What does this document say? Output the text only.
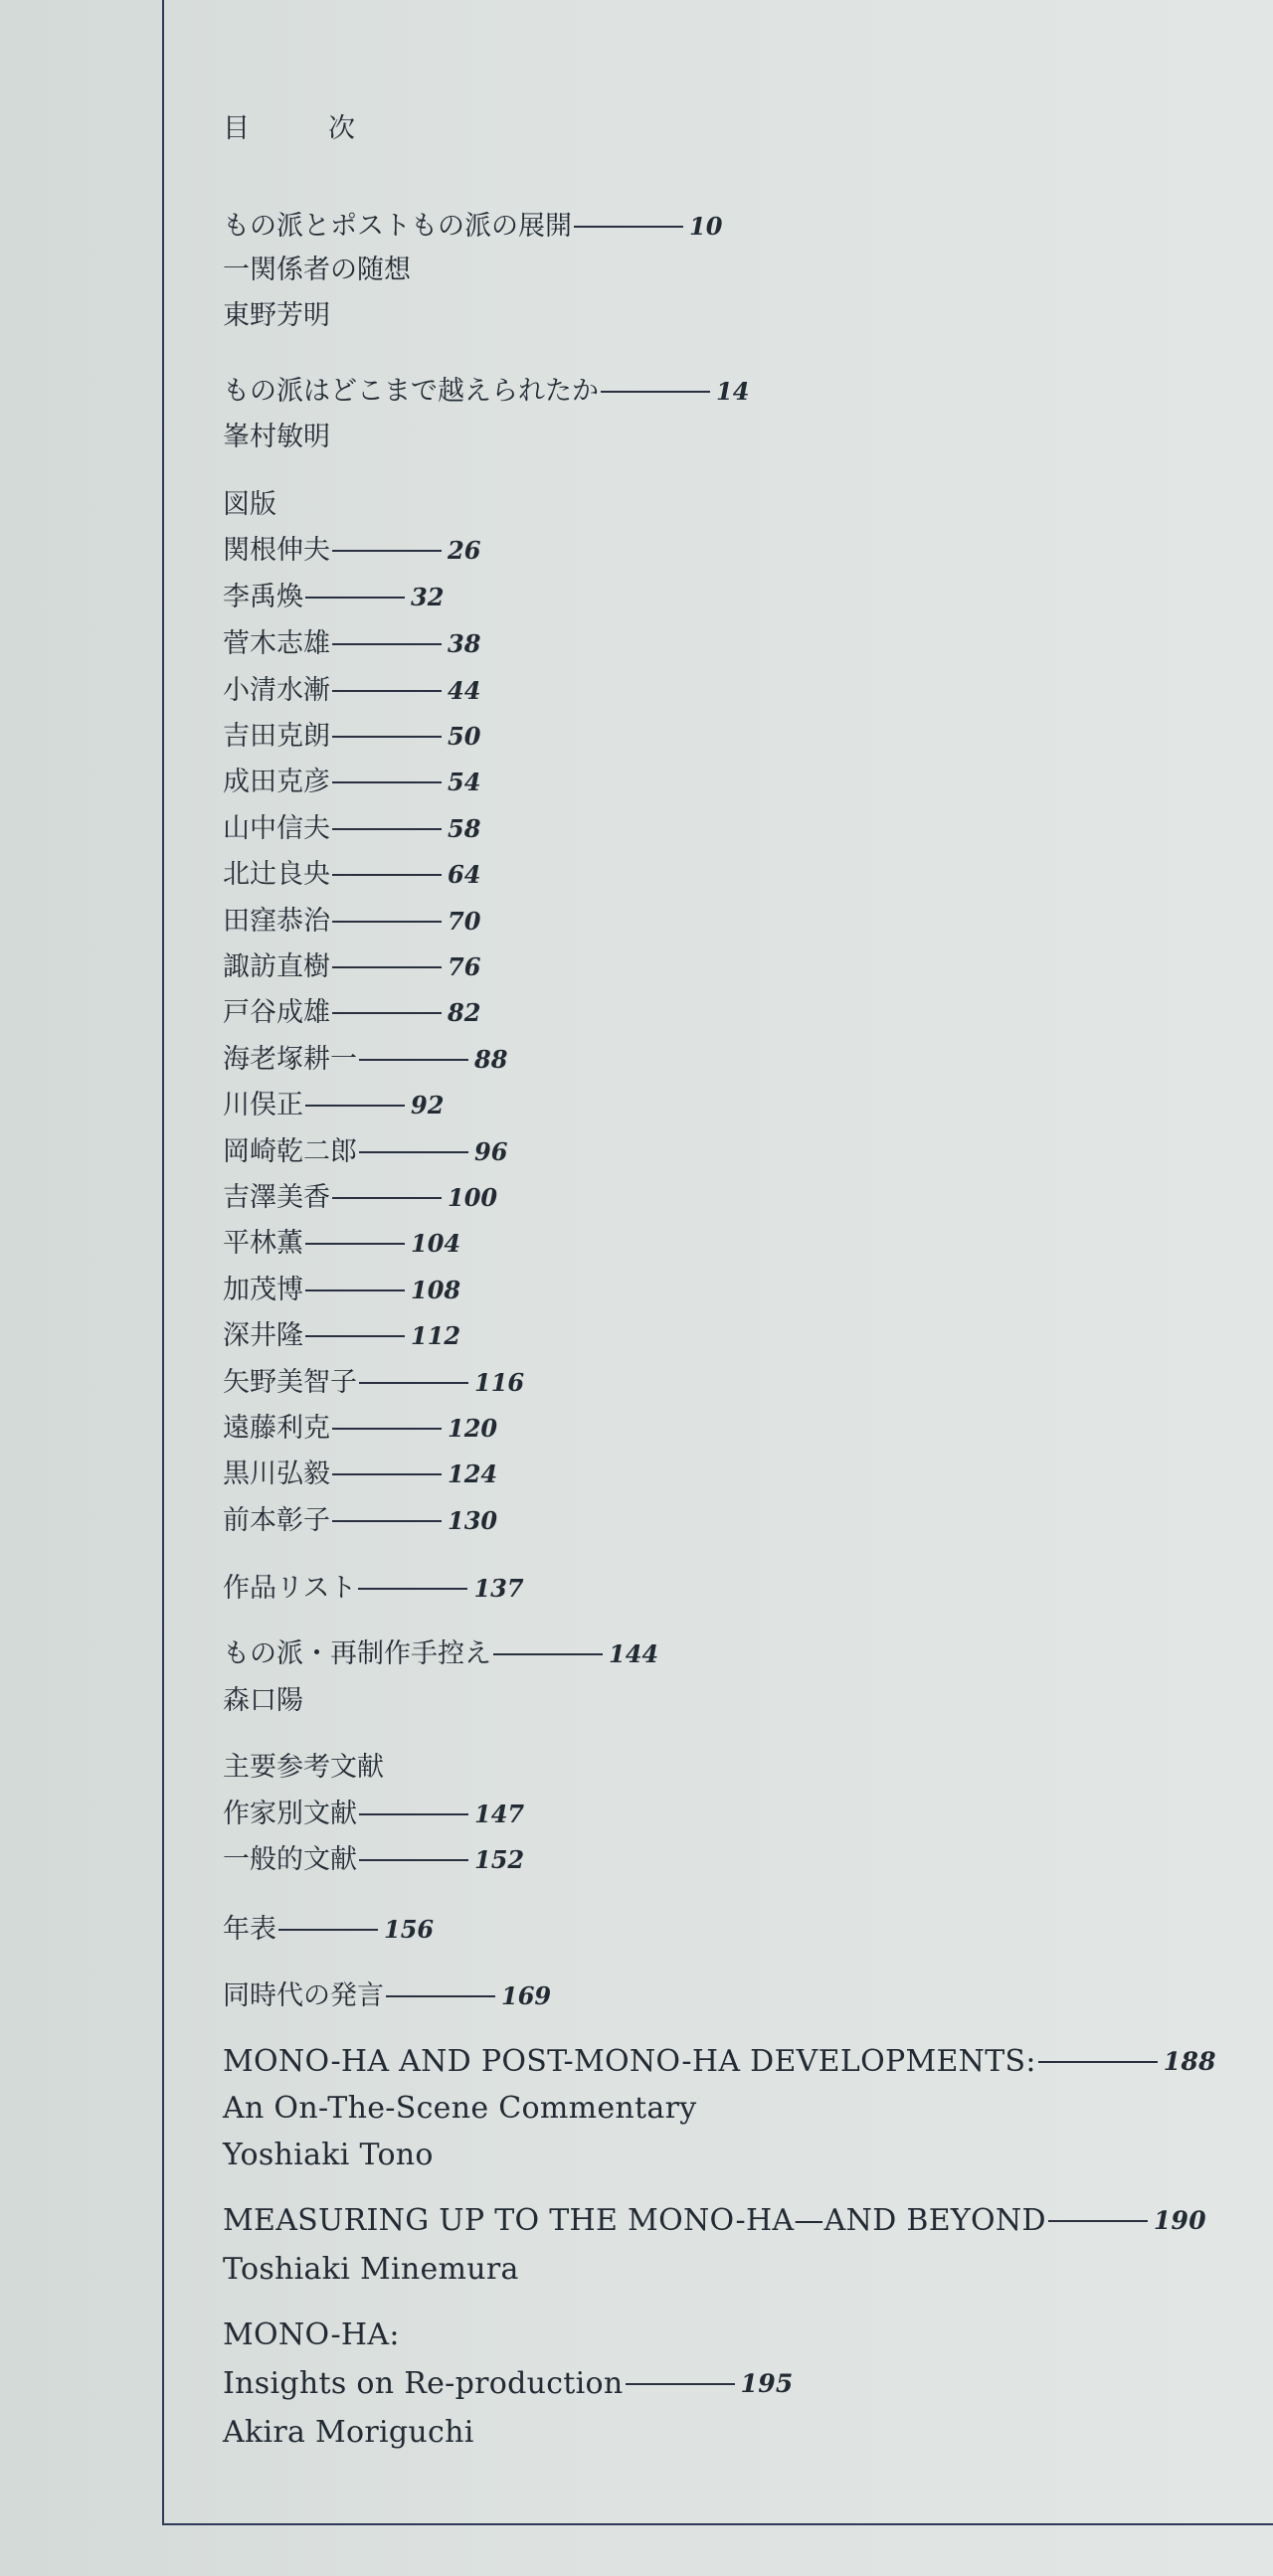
目　次
もの派とポストもの派の展開	10
一関係者の随想
東野芳明
もの派はどこまで越えられたか	14
峯村敏明
図版
関根伸夫	26
李禹煥	32
菅木志雄	38
小清水漸	44
吉田克朗	50
成田克彦	54
山中信夫	58
北辻良央	64
田窪恭治	70
諏訪直樹	76
戸谷成雄	82
海老塚耕一	88
川俣正	92
岡崎乾二郎	96
吉澤美香	100
平林薫	104
加茂博	108
深井隆	112
矢野美智子	116
遠藤利克	120
黒川弘毅	124
前本彰子	130
作品リスト	137
もの派・再制作手控え	144
森口陽
主要参考文献
作家別文献	147
一般的文献	152
年表	156
同時代の発言	169
MONO-HA AND POST-MONO-HA DEVELOPMENTS:	188
An On-The-Scene Commentary
Yoshiaki Tono
MEASURING UP TO THE MONO-HA—AND BEYOND	190
Toshiaki Minemura
MONO-HA:
Insights on Re-production	195
Akira Moriguchi
